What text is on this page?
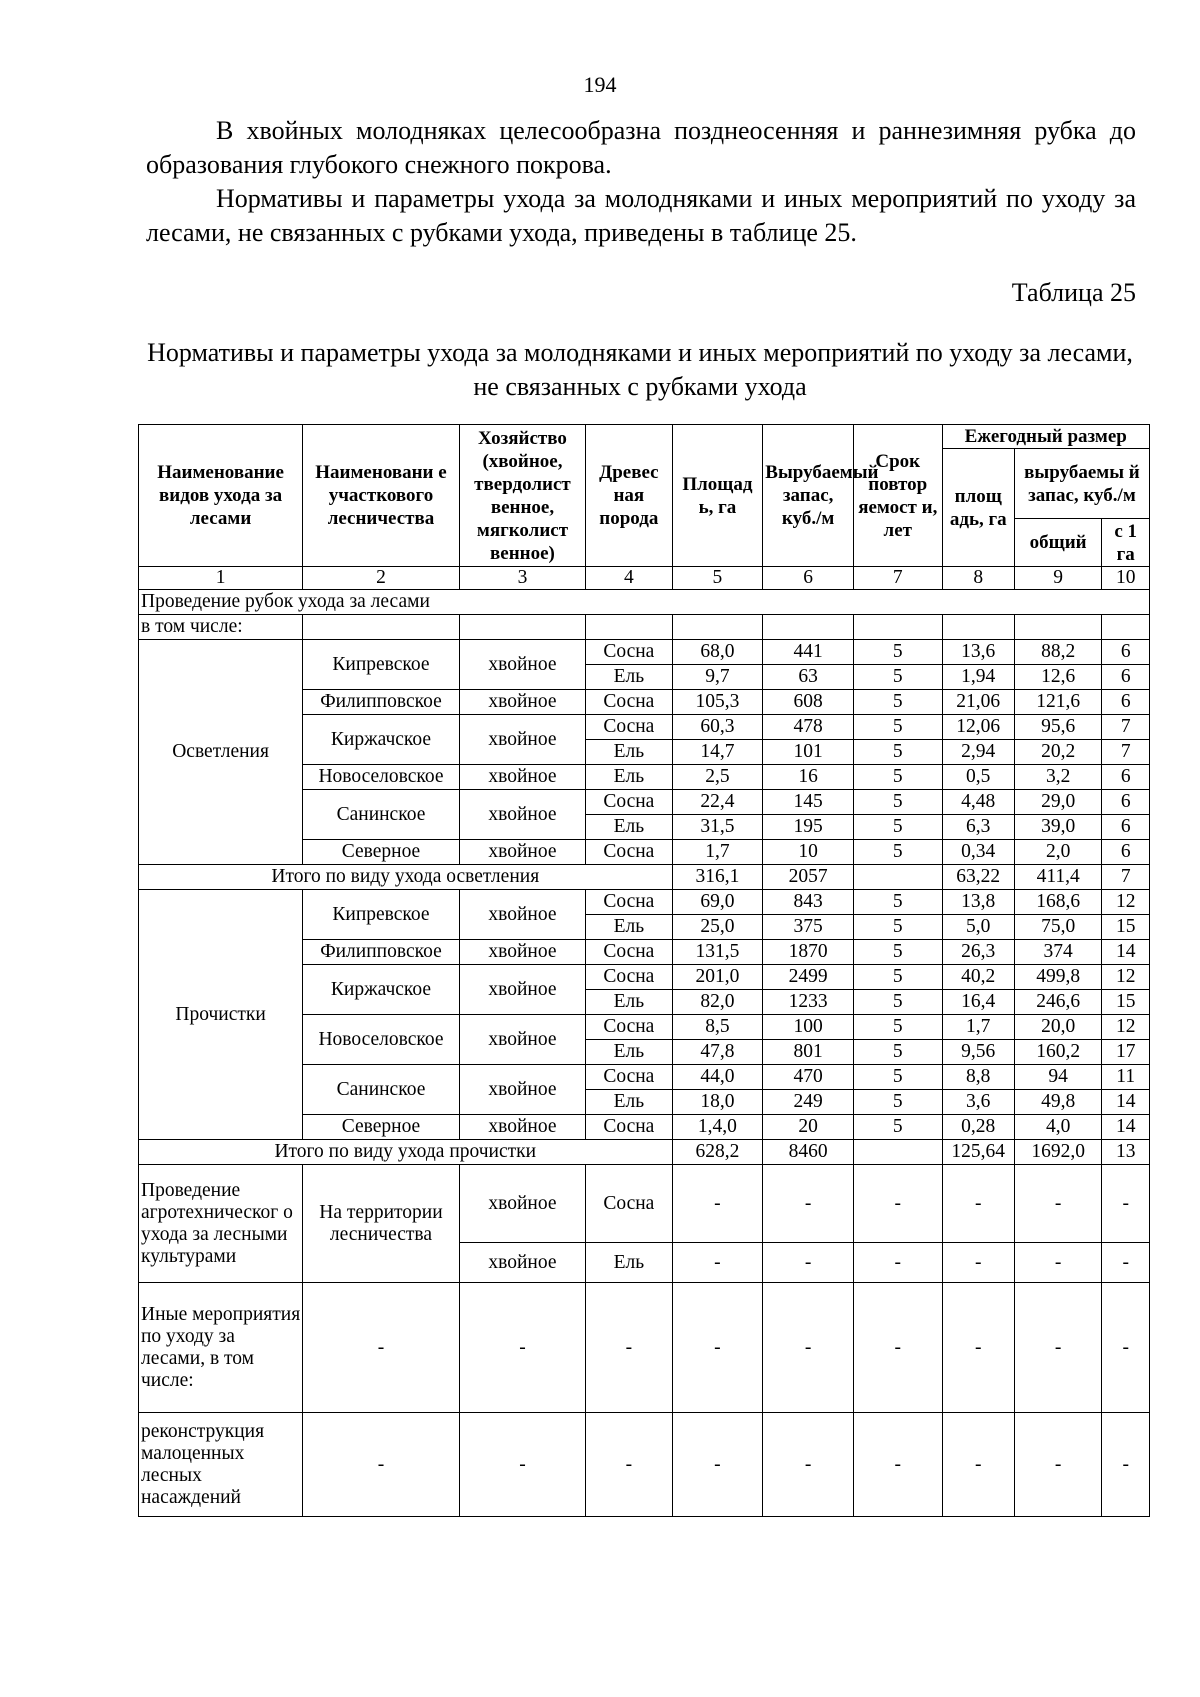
194

В хвойных молодняках целесообразна позднеосенняя и раннезимняя рубка до образования глубокого снежного покрова.

Нормативы и параметры ухода за молодняками и иных мероприятий по уходу за лесами, не связанных с рубками ухода, приведены в таблице 25.

Таблица 25
Нормативы и параметры ухода за молодняками и иных мероприятий по уходу за лесами, не связанных с рубками ухода
Наименование видов ухода за лесами	Наименовани е участкового лесничества	Хозяйство (хвойное, твердолист венное, мягколист венное)	Древес ная порода	Площад ь, га	Вырубаемый запас, куб./м	Срок повтор яемост и, лет	Ежегодный размер		
							площ адь, га	вырубаемы й запас, куб./м	
								общий	с 1 га
1	2	3	4	5	6	7	8	9	10
Проведение рубок ухода за лесами									
в том числе:									
Осветления	Кипревское	хвойное	Сосна	68,0	441	5	13,6	88,2	6
			Ель	9,7	63	5	1,94	12,6	6
	Филипповское	хвойное	Сосна	105,3	608	5	21,06	121,6	6
	Киржачское	хвойное	Сосна	60,3	478	5	12,06	95,6	7
			Ель	14,7	101	5	2,94	20,2	7
	Новоселовское	хвойное	Ель	2,5	16	5	0,5	3,2	6
	Санинское	хвойное	Сосна	22,4	145	5	4,48	29,0	6
			Ель	31,5	195	5	6,3	39,0	6
	Северное	хвойное	Сосна	1,7	10	5	0,34	2,0	6
Итого по виду ухода осветления				316,1	2057		63,22	411,4	7
Прочистки	Кипревское	хвойное	Сосна	69,0	843	5	13,8	168,6	12
			Ель	25,0	375	5	5,0	75,0	15
	Филипповское	хвойное	Сосна	131,5	1870	5	26,3	374	14
	Киржачское	хвойное	Сосна	201,0	2499	5	40,2	499,8	12
			Ель	82,0	1233	5	16,4	246,6	15
	Новоселовское	хвойное	Сосна	8,5	100	5	1,7	20,0	12
			Ель	47,8	801	5	9,56	160,2	17
	Санинское	хвойное	Сосна	44,0	470	5	8,8	94	11
			Ель	18,0	249	5	3,6	49,8	14
	Северное	хвойное	Сосна	1,4,0	20	5	0,28	4,0	14
Итого по виду ухода прочистки				628,2	8460		125,64	1692,0	13
Проведение агротехническог о ухода за лесными культурами	На территории лесничества	хвойное	Сосна	-	-	-	-	-	-
		хвойное	Ель	-	-	-	-	-	-
Иные мероприятия по уходу за лесами, в том числе:	-	-	-	-	-	-	-	-	-
реконструкция малоценных лесных насаждений	-	-	-	-	-	-	-	-	-
